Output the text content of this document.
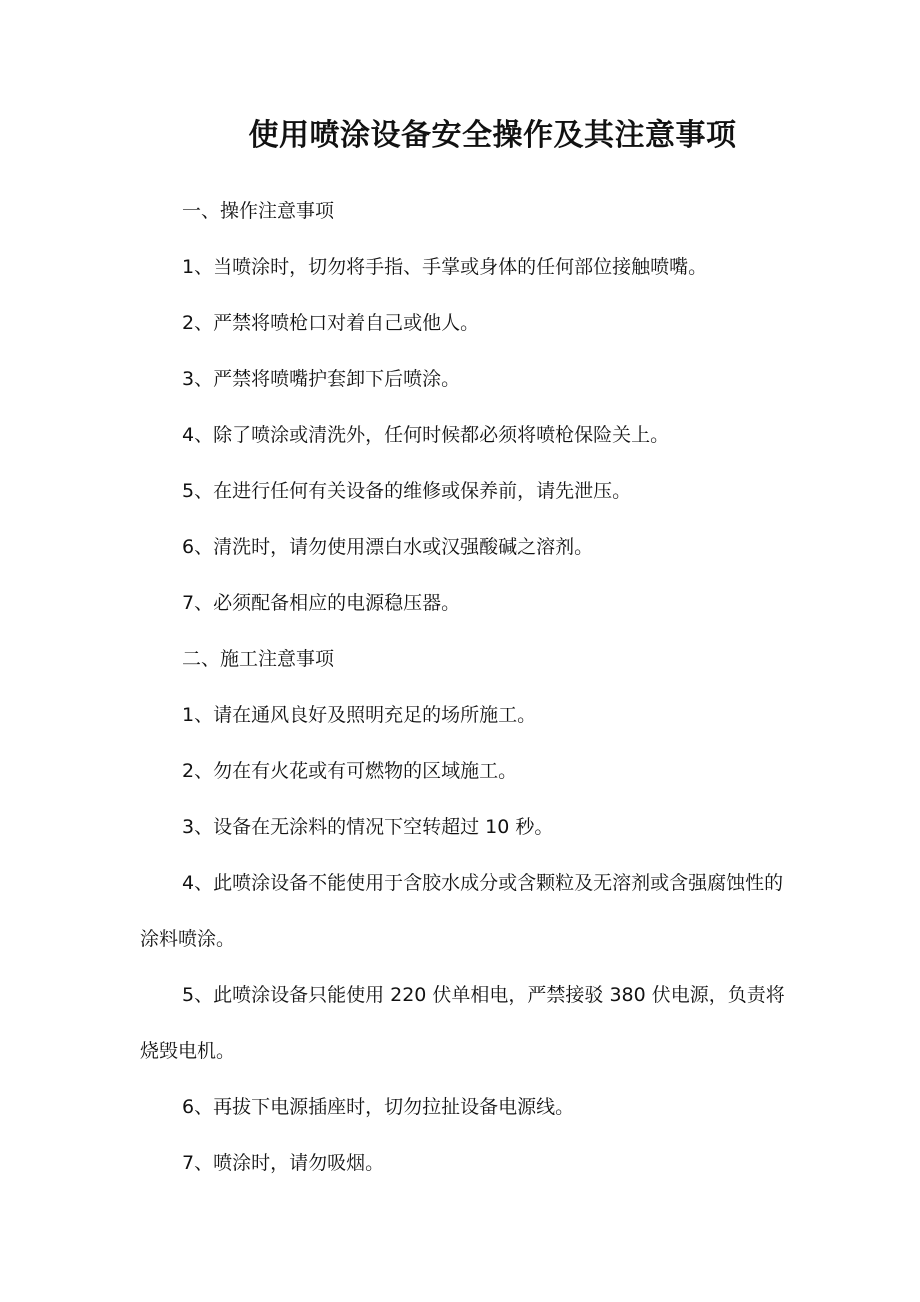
使用喷涂设备安全操作及其注意事项
一、操作注意事项
1、当喷涂时，切勿将手指、手掌或身体的任何部位接触喷嘴。
2、严禁将喷枪口对着自己或他人。
3、严禁将喷嘴护套卸下后喷涂。
4、除了喷涂或清洗外，任何时候都必须将喷枪保险关上。
5、在进行任何有关设备的维修或保养前，请先泄压。
6、清洗时，请勿使用漂白水或汉强酸碱之溶剂。
7、必须配备相应的电源稳压器。
二、施工注意事项
1、请在通风良好及照明充足的场所施工。
2、勿在有火花或有可燃物的区域施工。
3、设备在无涂料的情况下空转超过 10 秒。
4、此喷涂设备不能使用于含胶水成分或含颗粒及无溶剂或含强腐蚀性的涂料喷涂。
5、此喷涂设备只能使用 220 伏单相电，严禁接驳 380 伏电源，负责将烧毁电机。
6、再拔下电源插座时，切勿拉扯设备电源线。
7、喷涂时，请勿吸烟。
